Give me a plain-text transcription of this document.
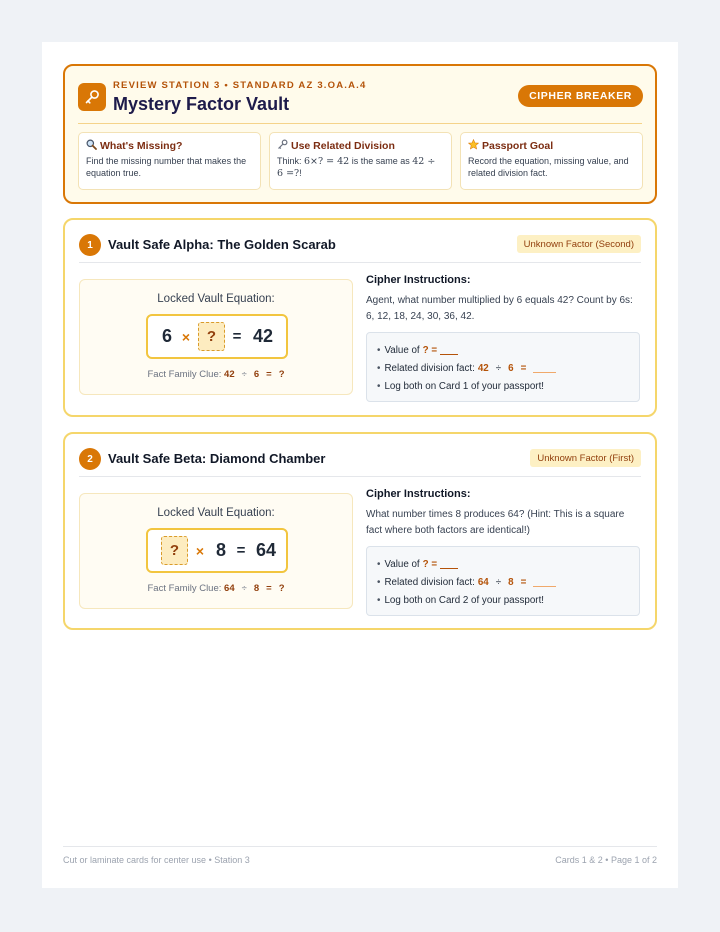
REVIEW STATION 3 • STANDARD AZ 3.OA.A.4
Mystery Factor Vault	CIPHER BREAKER
What's Missing?
Find the missing number that makes the equation true.
Use Related Division
Think: 6×? = 42 is the same as 42 ÷ 6 =?!
Passport Goal
Record the equation, missing value, and related division fact.
1	Vault Safe Alpha: The Golden Scarab	Unknown Factor (Second)
Locked Vault Equation:
6 ×	?	= 42
Fact Family Clue: 42 ÷ 6 = ?
Cipher Instructions:
Agent, what number multiplied by 6 equals 42? Count by 6s: 6, 12, 18, 24, 30, 36, 42.
• Value of ? =
• Related division fact: 42 ÷ 6 =
• Log both on Card 1 of your passport!
2	Vault Safe Beta: Diamond Chamber	Unknown Factor (First)
Locked Vault Equation:
?	× 8 = 64
Fact Family Clue: 64 ÷ 8 = ?
Cipher Instructions:
What number times 8 produces 64? (Hint: This is a square fact where both factors are identical!)
• Value of ? =
• Related division fact: 64 ÷ 8 =
• Log both on Card 2 of your passport!
Cut or laminate cards for center use • Station 3	Cards 1 & 2 • Page 1 of 2
